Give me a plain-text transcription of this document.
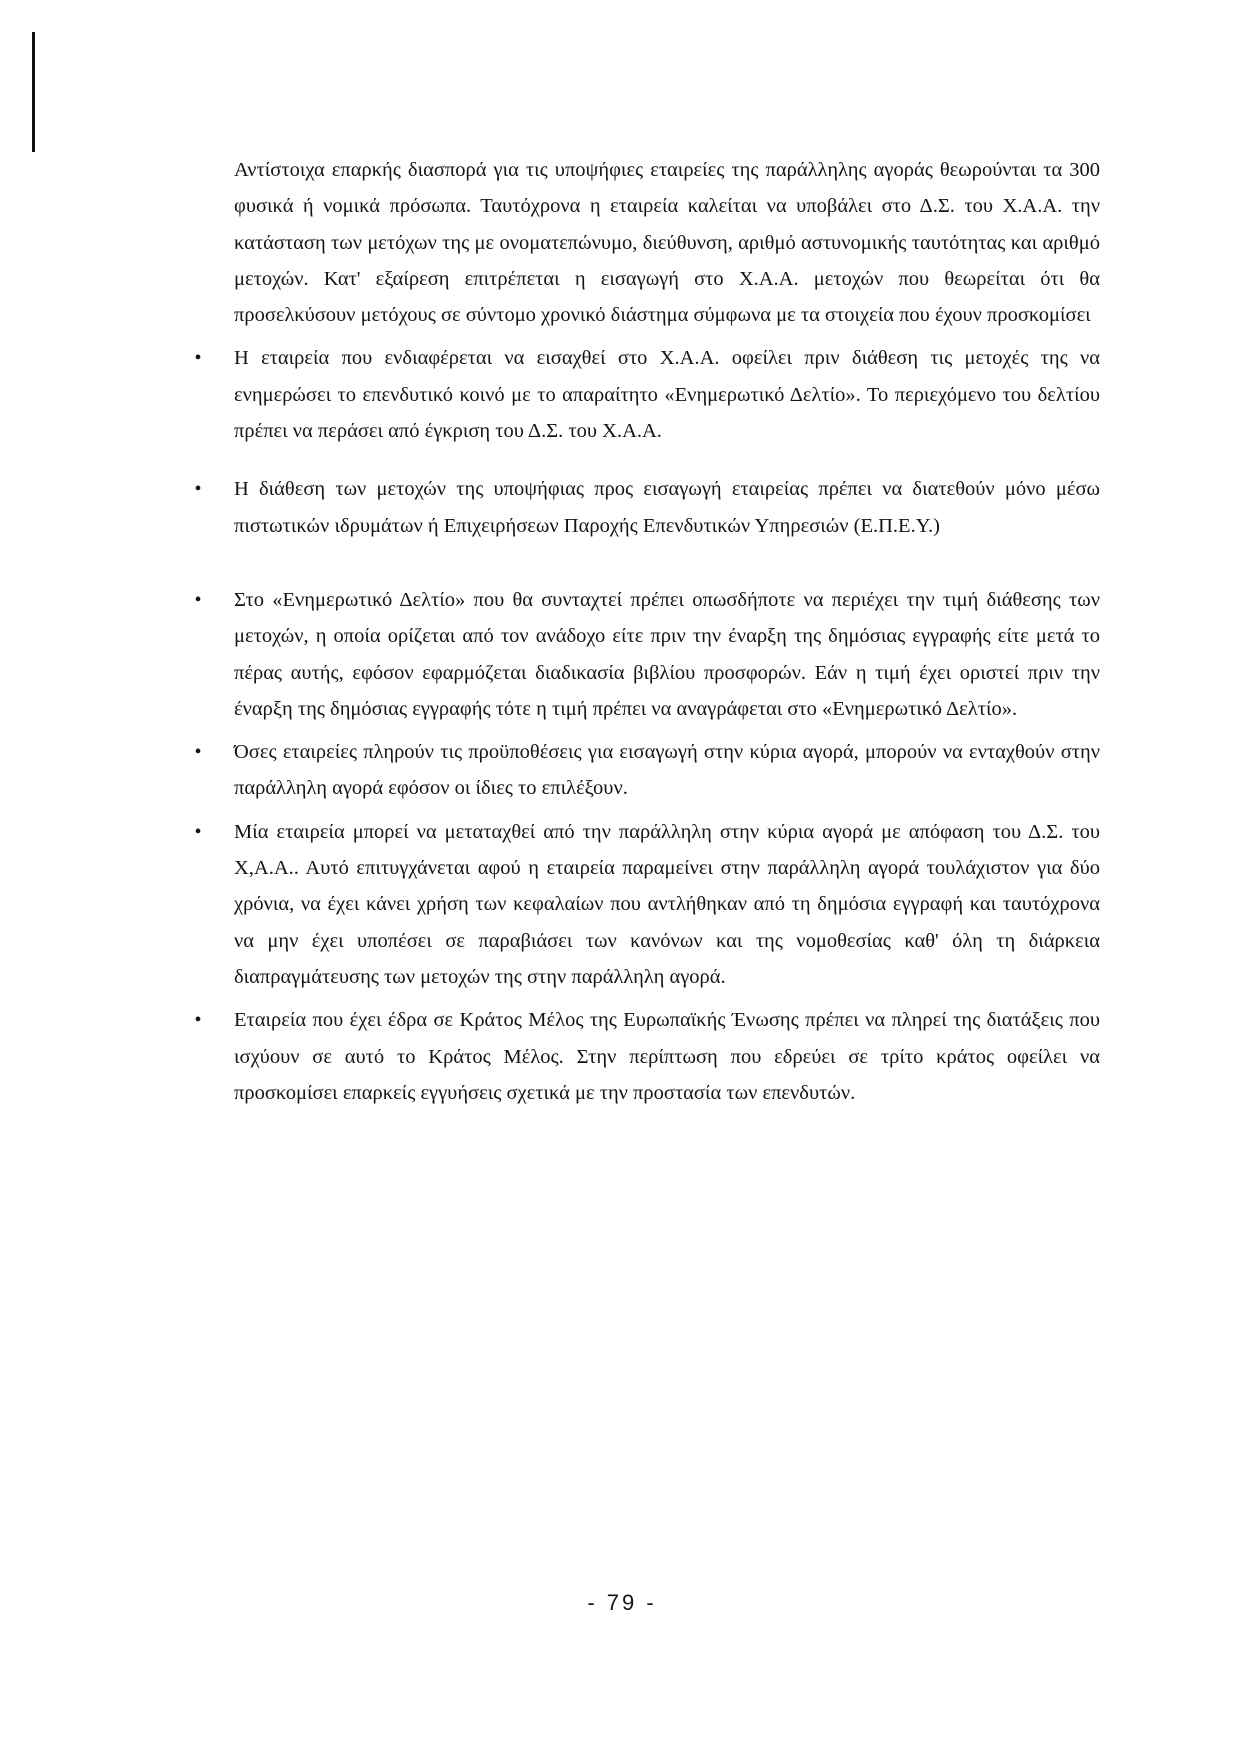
Αντίστοιχα επαρκής διασπορά για τις υποψήφιες εταιρείες της παράλληλης αγοράς θεωρούνται τα 300 φυσικά ή νομικά πρόσωπα. Ταυτόχρονα η εταιρεία καλείται να υποβάλει στο Δ.Σ. του Χ.Α.Α. την κατάσταση των μετόχων της με ονοματεπώνυμο, διεύθυνση, αριθμό αστυνομικής ταυτότητας και αριθμό μετοχών. Κατ' εξαίρεση επιτρέπεται η εισαγωγή στο Χ.Α.Α. μετοχών που θεωρείται ότι θα προσελκύσουν μετόχους σε σύντομο χρονικό διάστημα σύμφωνα με τα στοιχεία που έχουν προσκομίσει

•	Η εταιρεία που ενδιαφέρεται να εισαχθεί στο Χ.Α.Α. οφείλει πριν διάθεση τις μετοχές της να ενημερώσει το επενδυτικό κοινό με το απαραίτητο «Ενημερωτικό Δελτίο». Το περιεχόμενο του δελτίου πρέπει να περάσει από έγκριση του Δ.Σ. του Χ.Α.Α.

•	Η διάθεση των μετοχών της υποψήφιας προς εισαγωγή εταιρείας πρέπει να διατεθούν μόνο μέσω πιστωτικών ιδρυμάτων ή Επιχειρήσεων Παροχής Επενδυτικών Υπηρεσιών (Ε.Π.Ε.Υ.)

•	Στο «Ενημερωτικό Δελτίο» που θα συνταχτεί πρέπει οπωσδήποτε να περιέχει την τιμή διάθεσης των μετοχών, η οποία ορίζεται από τον ανάδοχο είτε πριν την έναρξη της δημόσιας εγγραφής είτε μετά το πέρας αυτής, εφόσον εφαρμόζεται διαδικασία βιβλίου προσφορών. Εάν η τιμή έχει οριστεί πριν την έναρξη της δημόσιας εγγραφής τότε η τιμή πρέπει να αναγράφεται στο «Ενημερωτικό Δελτίο».

•	Όσες εταιρείες πληρούν τις προϋποθέσεις για εισαγωγή στην κύρια αγορά, μπορούν να ενταχθούν στην παράλληλη αγορά εφόσον οι ίδιες το επιλέξουν.

•	Μία εταιρεία μπορεί να μεταταχθεί από την παράλληλη στην κύρια αγορά με απόφαση του Δ.Σ. του Χ,Α.Α.. Αυτό επιτυγχάνεται αφού η εταιρεία παραμείνει στην παράλληλη αγορά τουλάχιστον για δύο χρόνια, να έχει κάνει χρήση των κεφαλαίων που αντλήθηκαν από τη δημόσια εγγραφή και ταυτόχρονα να μην έχει υποπέσει σε παραβιάσει των κανόνων και της νομοθεσίας καθ' όλη τη διάρκεια διαπραγμάτευσης των μετοχών της στην παράλληλη αγορά.

•	Εταιρεία που έχει έδρα σε Κράτος Μέλος της Ευρωπαϊκής Ένωσης πρέπει να πληρεί της διατάξεις που ισχύουν σε αυτό το Κράτος Μέλος. Στην περίπτωση που εδρεύει σε τρίτο κράτος οφείλει να προσκομίσει επαρκείς εγγυήσεις σχετικά με την προστασία των επενδυτών.

- 79 -
